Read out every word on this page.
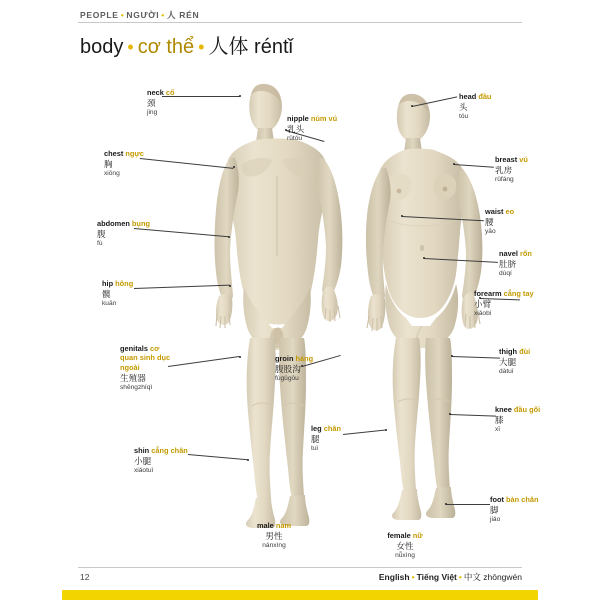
PEOPLE • NGƯỜI • 人 RÉN
body • cơ thể • 人体 réntǐ
neck cổ
颈
jǐng
chest ngực
胸
xiōng
abdomen bụng
腹
fù
hip hông
髋
kuān
genitals cơ quan sinh dục ngoài
生殖器
shēngzhíqì
shin cẳng chân
小腿
xiǎotuǐ
nipple núm vú
乳头
rǔtóu
groin háng
腹股沟
fùgǔgōu
leg chân
腿
tuǐ
head đầu
头
tóu
breast vú
乳房
rǔfáng
waist eo
腰
yāo
navel rốn
肚脐
dùqí
forearm cẳng tay
小臂
xiǎobì
thigh đùi
大腿
dàtuǐ
knee đầu gối
膝
xī
foot bàn chân
脚
jiǎo
male nam
男性
nánxìng
female nữ
女性
nǚxìng
12	English • Tiếng Việt • 中文 zhōngwén
